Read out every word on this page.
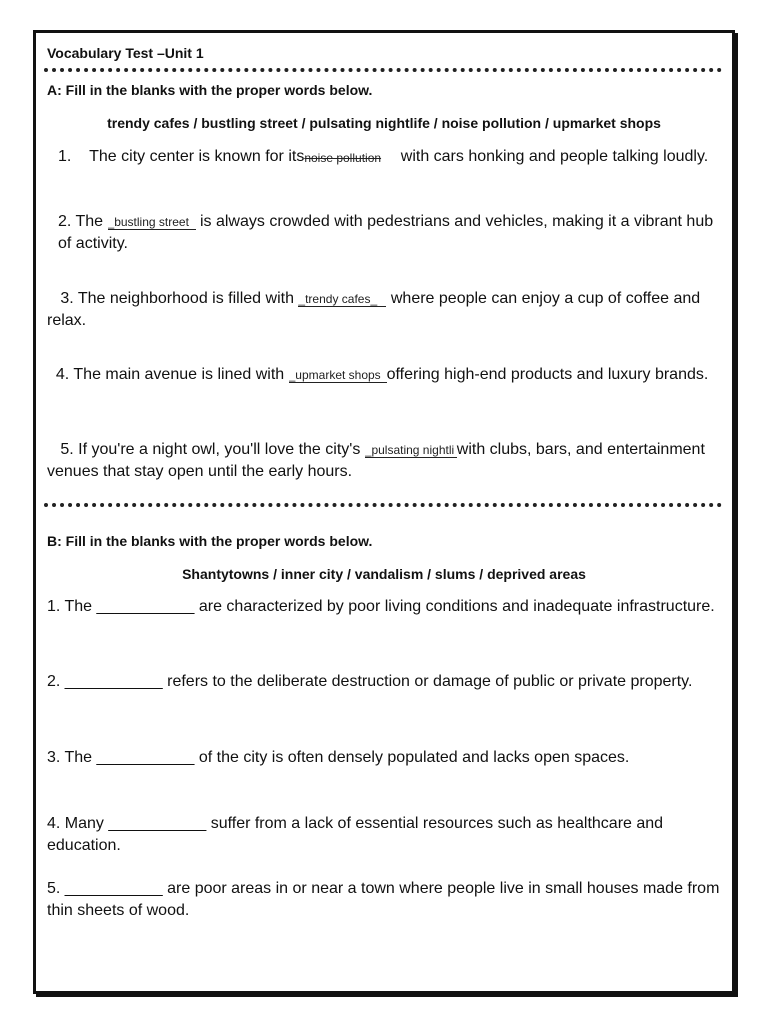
Vocabulary Test –Unit 1
A: Fill in the blanks with the proper words below.
trendy cafes / bustling street / pulsating nightlife / noise pollution / upmarket shops
1. The city center is known for itsnoise pollution with cars honking and people talking loudly.
2. The _bustling street is always crowded with pedestrians and vehicles, making it a vibrant hub of activity.
3. The neighborhood is filled with _trendy cafes_ where people can enjoy a cup of coffee and relax.
4. The main avenue is lined with _upmarket shops offering high-end products and luxury brands.
5. If you're a night owl, you'll love the city's _pulsating nightli with clubs, bars, and entertainment venues that stay open until the early hours.
B: Fill in the blanks with the proper words below.
Shantytowns / inner city / vandalism / slums / deprived areas
1. The ___________ are characterized by poor living conditions and inadequate infrastructure.
2. ___________ refers to the deliberate destruction or damage of public or private property.
3. The ___________ of the city is often densely populated and lacks open spaces.
4. Many ___________ suffer from a lack of essential resources such as healthcare and education.
5. ___________ are poor areas in or near a town where people live in small houses made from thin sheets of wood.
